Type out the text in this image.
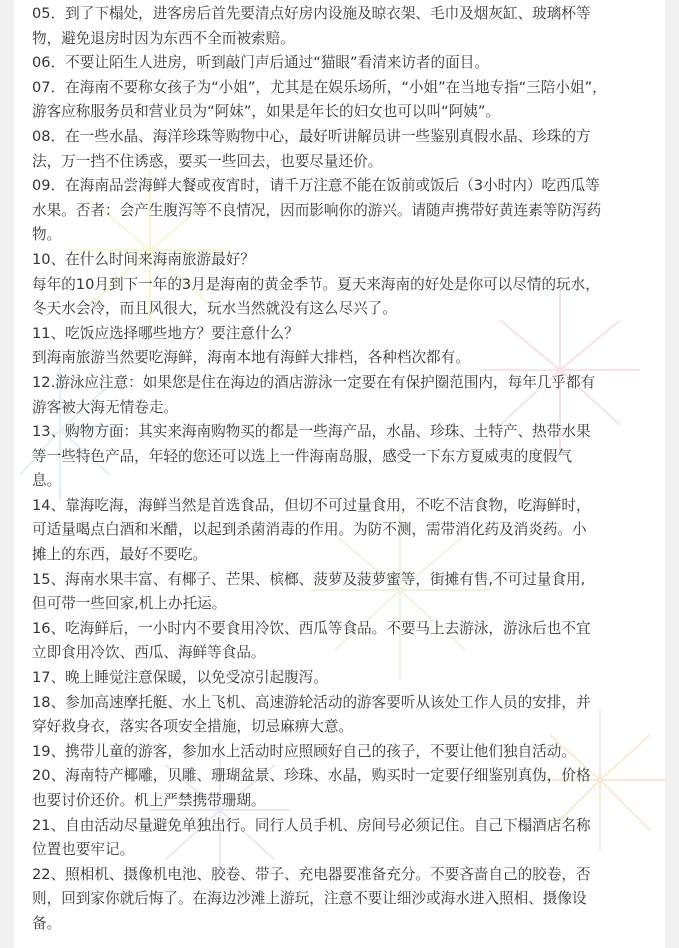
05．到了下榻处，进客房后首先要清点好房内设施及晾衣架、毛巾及烟灰缸、玻璃杯等
物，避免退房时因为东西不全而被索赔。
06．不要让陌生人进房，听到敲门声后通过“猫眼”看清来访者的面目。
07．在海南不要称女孩子为“小姐”，尤其是在娱乐场所，“小姐”在当地专指“三陪小姐”，
游客应称服务员和营业员为“阿妹”，如果是年长的妇女也可以叫“阿姨”。
08．在一些水晶、海洋珍珠等购物中心，最好听讲解员讲一些鉴别真假水晶、珍珠的方
法，万一挡不住诱惑，要买一些回去，也要尽量还价。
09．在海南品尝海鲜大餐或夜宵时，请千万注意不能在饭前或饭后（3小时内）吃西瓜等
水果。否者：会产生腹泻等不良情况，因而影响你的游兴。请随声携带好黄连素等防泻药
物。
10、在什么时间来海南旅游最好？
每年的10月到下一年的3月是海南的黄金季节。夏天来海南的好处是你可以尽情的玩水，
冬天水会冷，而且风很大，玩水当然就没有这么尽兴了。
11、吃饭应选择哪些地方？要注意什么？
到海南旅游当然要吃海鲜，海南本地有海鲜大排档，各种档次都有。
12.游泳应注意：如果您是住在海边的酒店游泳一定要在有保护圈范围内，每年几乎都有
游客被大海无情卷走。
13、购物方面：其实来海南购物买的都是一些海产品，水晶、珍珠、土特产、热带水果
等一些特色产品，年轻的您还可以选上一件海南岛服，感受一下东方夏威夷的度假气
息。
14、靠海吃海，海鲜当然是首选食品，但切不可过量食用，不吃不洁食物，吃海鲜时，
可适量喝点白酒和米醋，以起到杀菌消毒的作用。为防不测，需带消化药及消炎药。小
摊上的东西，最好不要吃。
15、海南水果丰富、有椰子、芒果、槟榔、菠萝及菠萝蜜等，街摊有售,不可过量食用,
但可带一些回家,机上办托运。
16、吃海鲜后，一小时内不要食用冷饮、西瓜等食品。不要马上去游泳，游泳后也不宜
立即食用冷饮、西瓜、海鲜等食品。
17、晚上睡觉注意保暖，以免受凉引起腹泻。
18、参加高速摩托艇、水上飞机、高速游轮活动的游客要听从该处工作人员的安排，并
穿好救身衣，落实各项安全措施，切忌麻痹大意。
19、携带儿童的游客，参加水上活动时应照顾好自己的孩子，不要让他们独自活动。
20、海南特产椰雕，贝雕、珊瑚盆景、珍珠、水晶，购买时一定要仔细鉴别真伪，价格
也要讨价还价。机上严禁携带珊瑚。
21、自由活动尽量避免单独出行。同行人员手机、房间号必须记住。自己下榻酒店名称
位置也要牢记。
22、照相机、摄像机电池、胶卷、带子、充电器要准备充分。不要吝啬自己的胶卷，否
则，回到家你就后悔了。在海边沙滩上游玩，注意不要让细沙或海水进入照相、摄像设
备。
